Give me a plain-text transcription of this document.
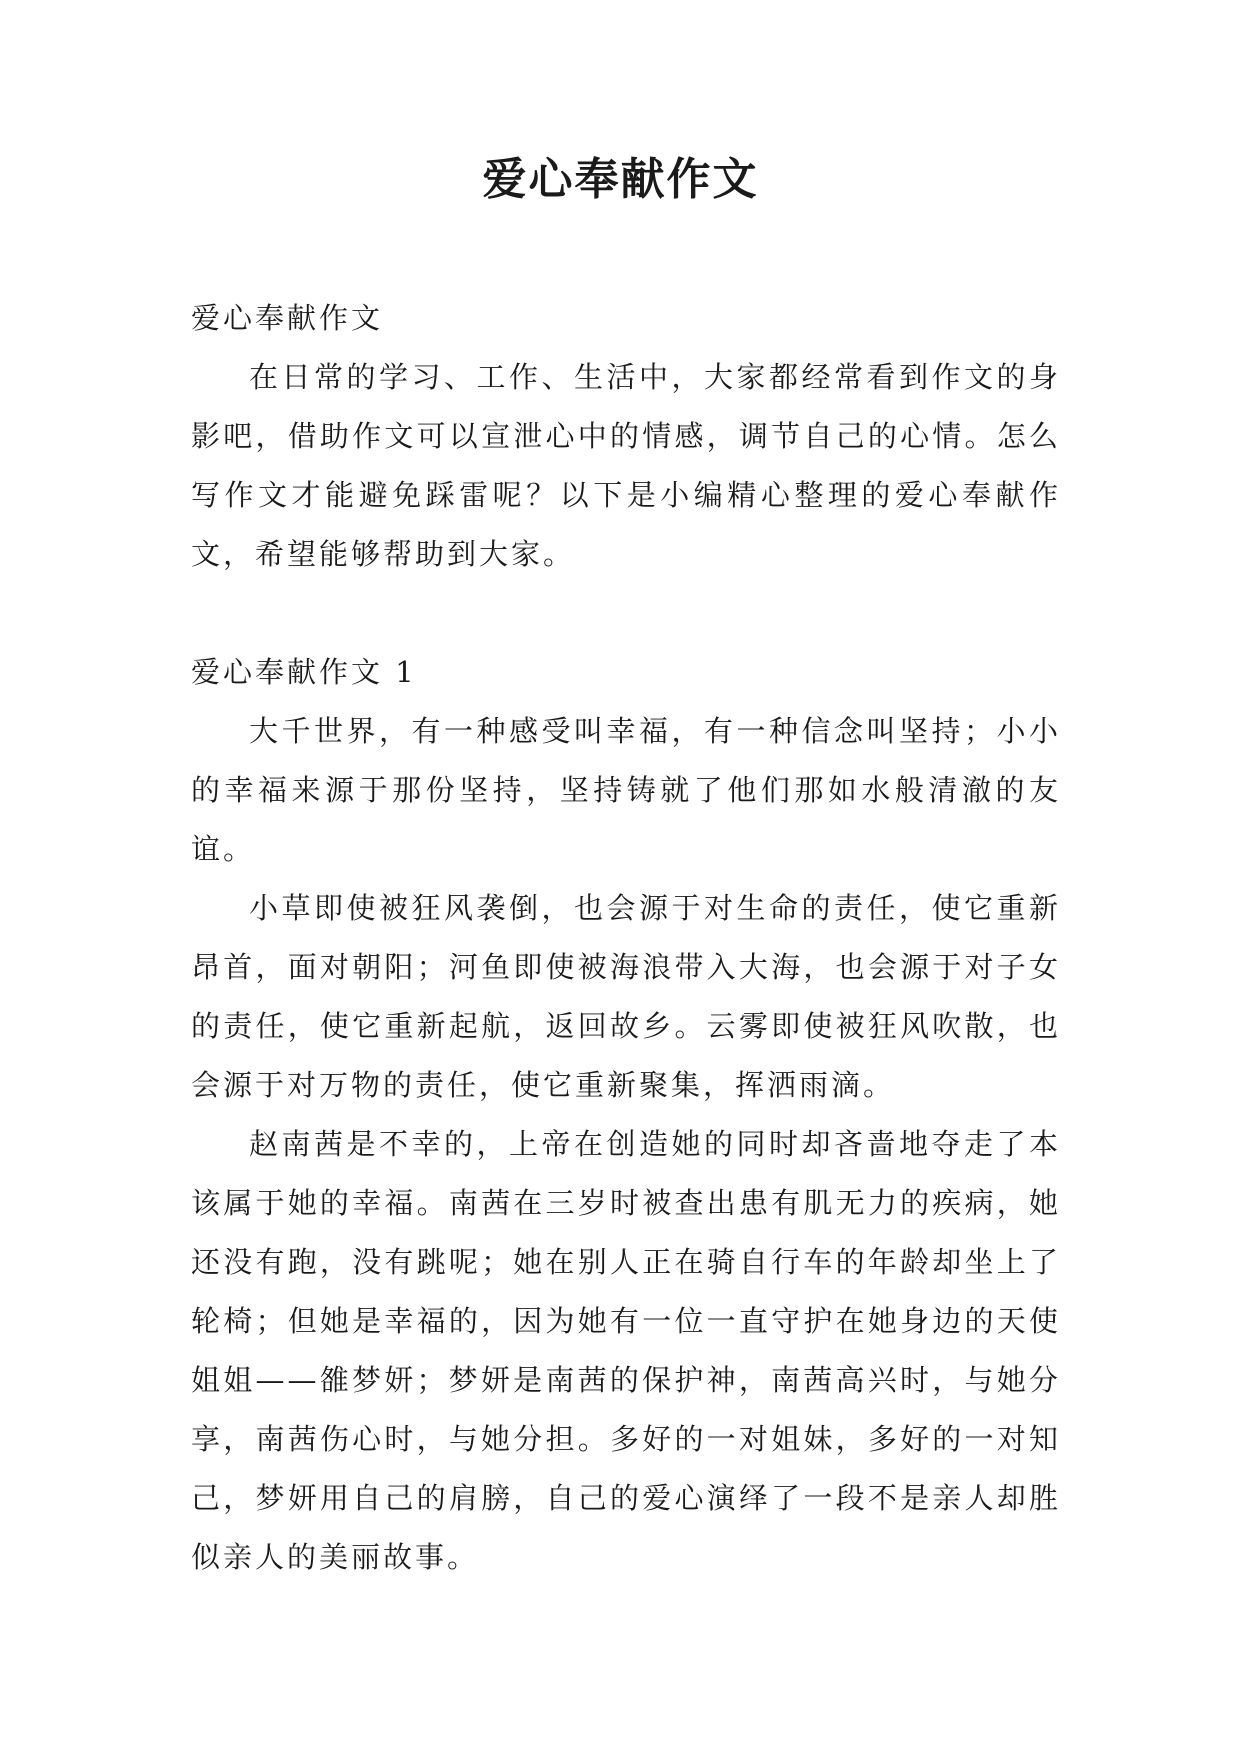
爱心奉献作文

爱心奉献作文

在日常的学习、工作、生活中，大家都经常看到作文的身影吧，借助作文可以宣泄心中的情感，调节自己的心情。怎么写作文才能避免踩雷呢？以下是小编精心整理的爱心奉献作文，希望能够帮助到大家。

爱心奉献作文 1

大千世界，有一种感受叫幸福，有一种信念叫坚持；小小的幸福来源于那份坚持，坚持铸就了他们那如水般清澈的友谊。

小草即使被狂风袭倒，也会源于对生命的责任，使它重新昂首，面对朝阳；河鱼即使被海浪带入大海，也会源于对子女的责任，使它重新起航，返回故乡。云雾即使被狂风吹散，也会源于对万物的责任，使它重新聚集，挥洒雨滴。

赵南茜是不幸的，上帝在创造她的同时却吝啬地夺走了本该属于她的幸福。南茜在三岁时被查出患有肌无力的疾病，她还没有跑，没有跳呢；她在别人正在骑自行车的年龄却坐上了轮椅；但她是幸福的，因为她有一位一直守护在她身边的天使姐姐——雒梦妍；梦妍是南茜的保护神，南茜高兴时，与她分享，南茜伤心时，与她分担。多好的一对姐妹，多好的一对知己，梦妍用自己的肩膀，自己的爱心演绎了一段不是亲人却胜似亲人的美丽故事。
